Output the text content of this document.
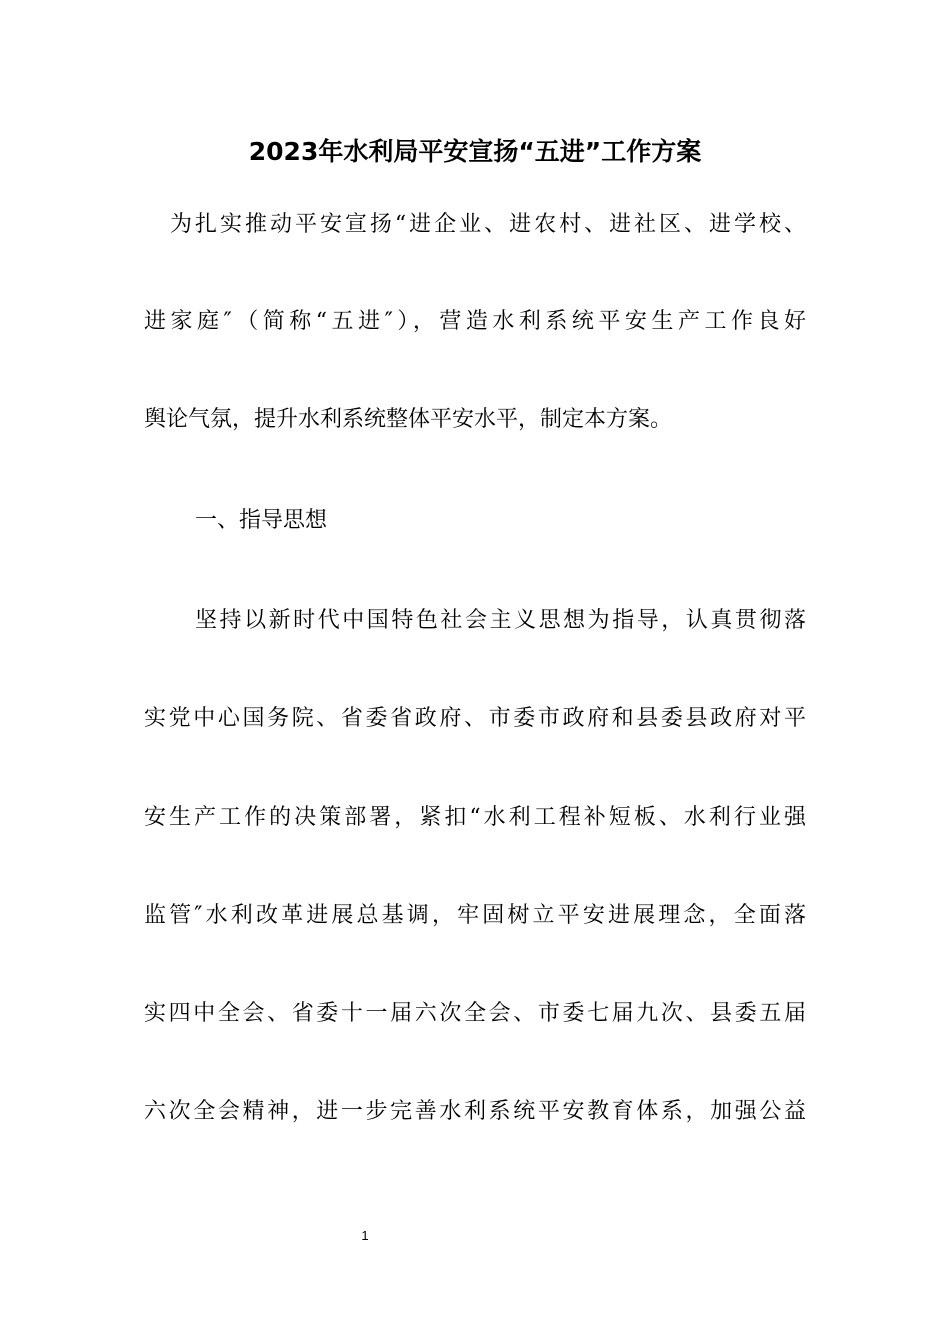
2023年水利局平安宣扬“五进”工作方案

为扎实推动平安宣扬“进企业、进农村、进社区、进学校、

进家庭″（简称“五进″），营造水利系统平安生产工作良好

舆论气氛，提升水利系统整体平安水平，制定本方案。

一、指导思想

坚持以新时代中国特色社会主义思想为指导，认真贯彻落

实党中心国务院、省委省政府、市委市政府和县委县政府对平

安生产工作的决策部署，紧扣“水利工程补短板、水利行业强

监管″水利改革进展总基调，牢固树立平安进展理念，全面落

实四中全会、省委十一届六次全会、市委七届九次、县委五届

六次全会精神，进一步完善水利系统平安教育体系，加强公益

1
